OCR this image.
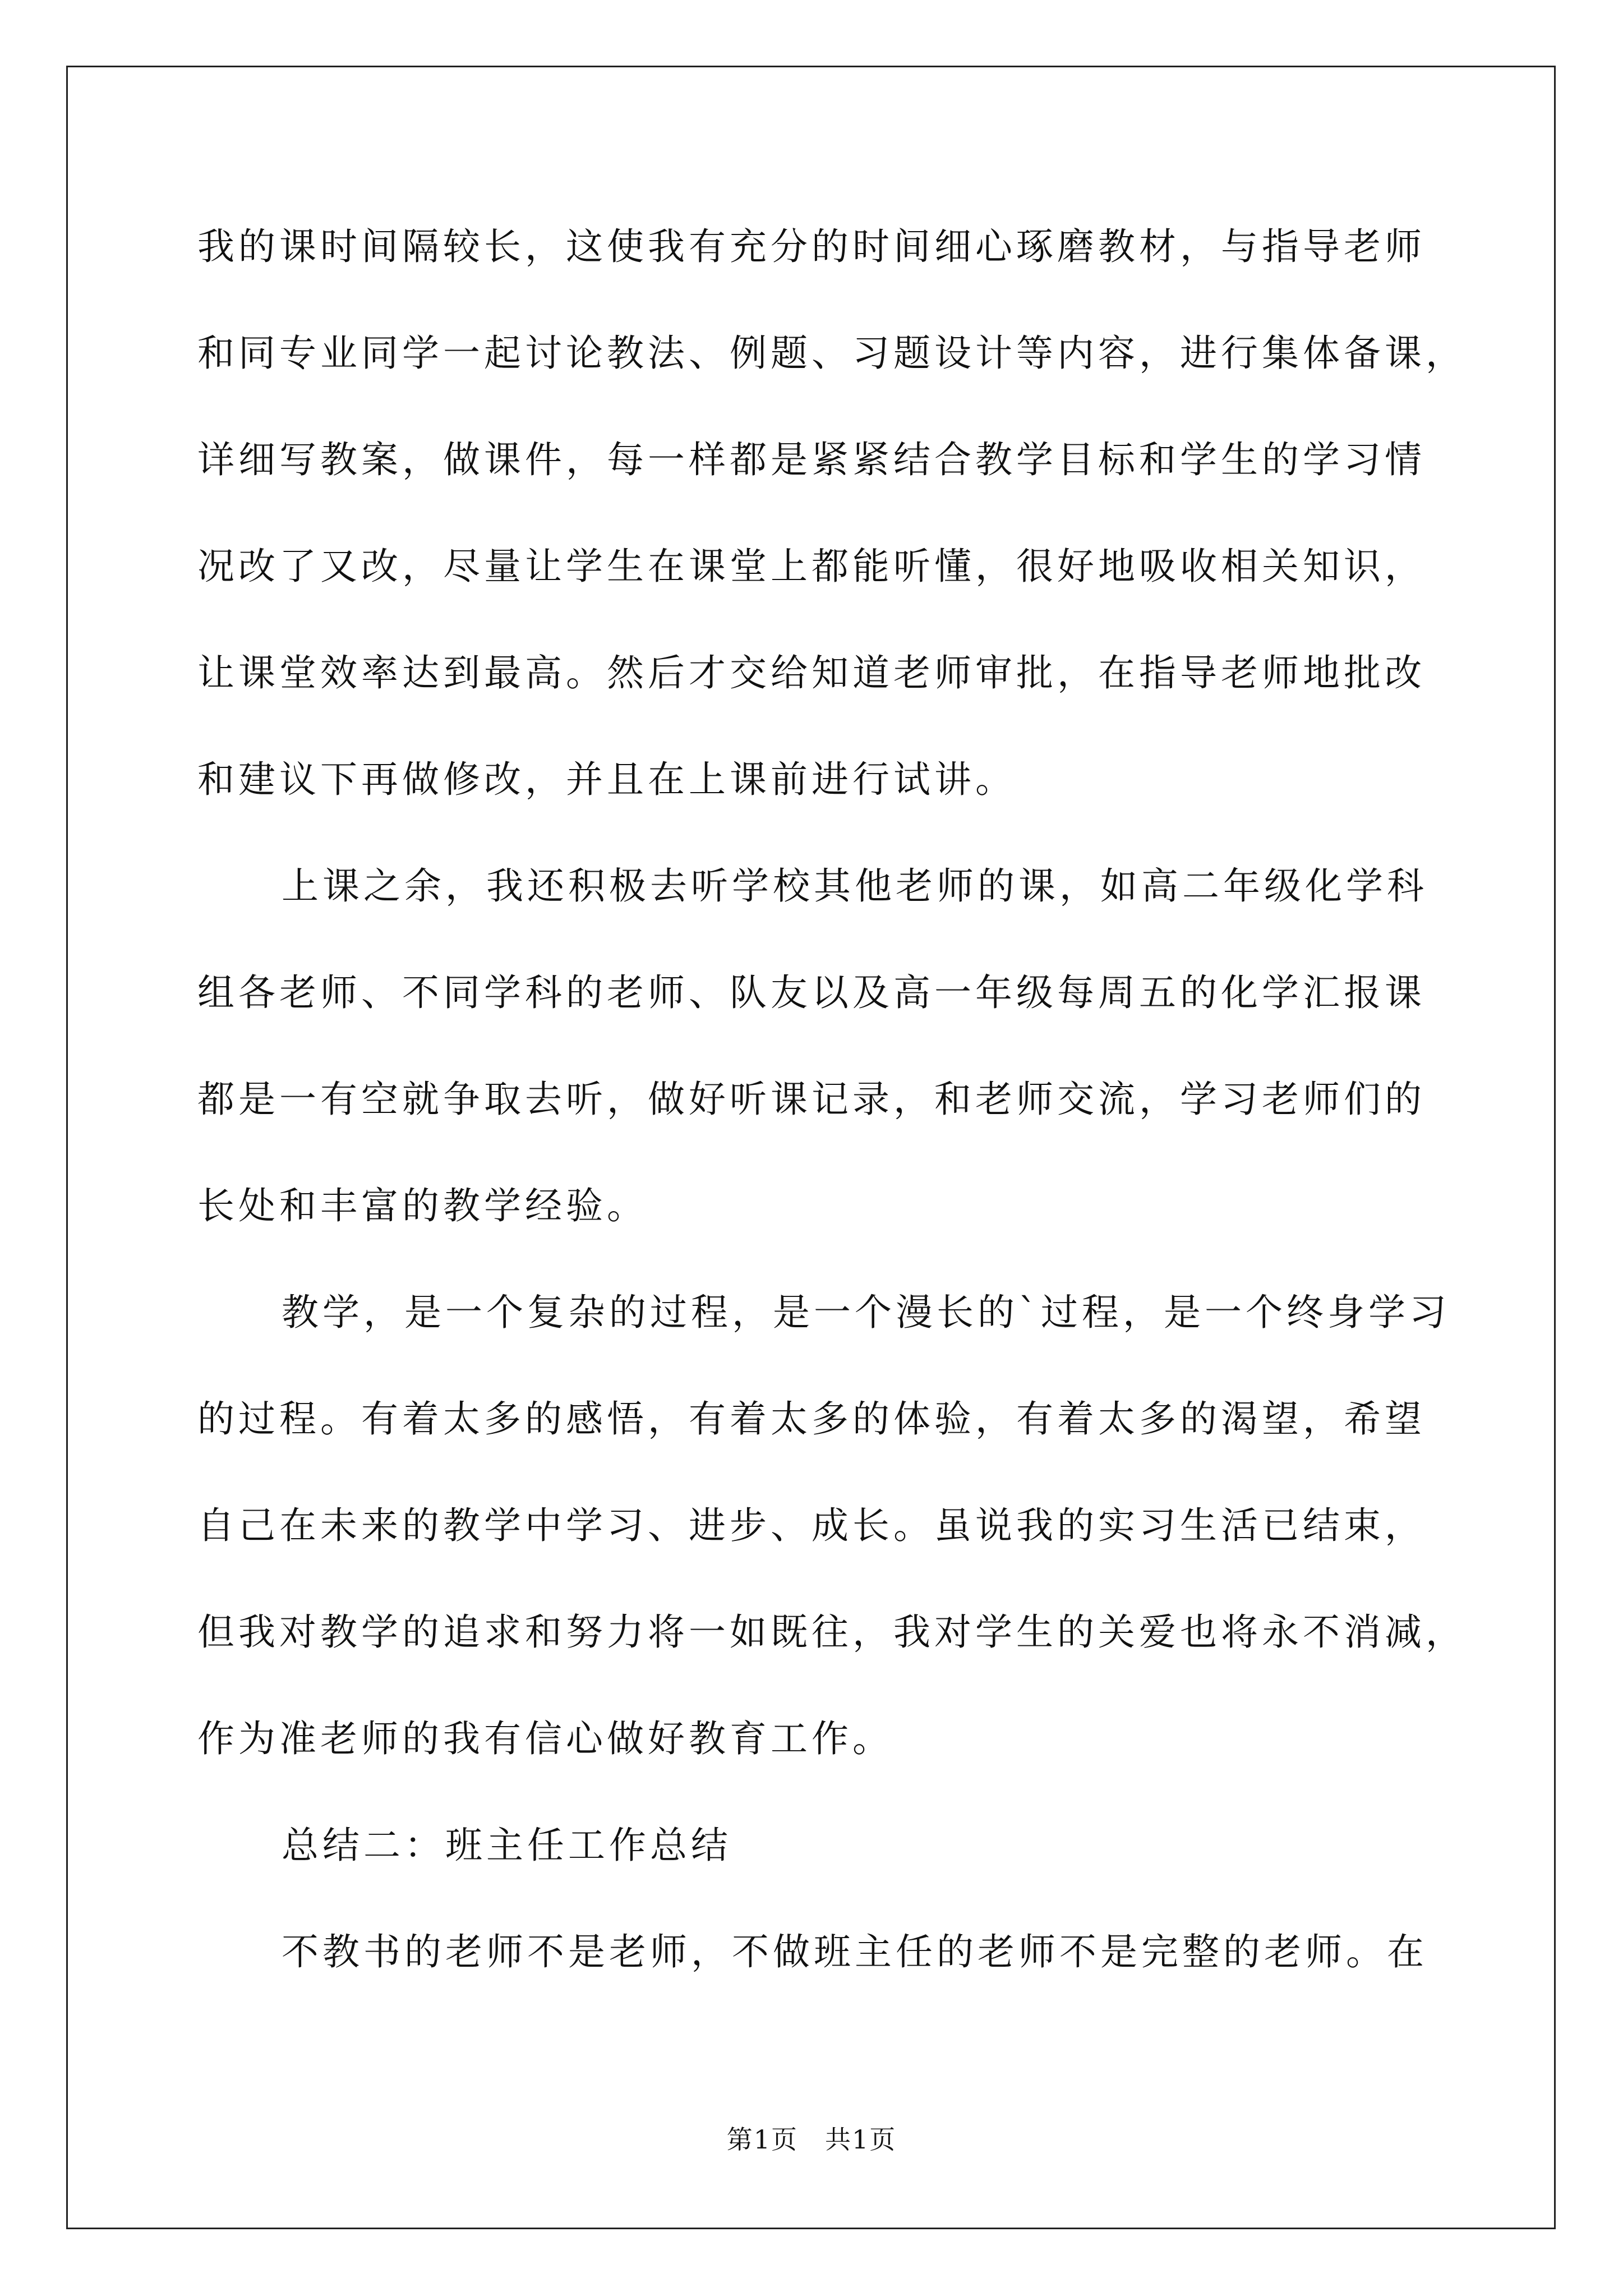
我的课时间隔较长，这使我有充分的时间细心琢磨教材，与指导老师
和同专业同学一起讨论教法、例题、习题设计等内容，进行集体备课，
详细写教案，做课件，每一样都是紧紧结合教学目标和学生的学习情
况改了又改，尽量让学生在课堂上都能听懂，很好地吸收相关知识，
让课堂效率达到最高。然后才交给知道老师审批，在指导老师地批改
和建议下再做修改，并且在上课前进行试讲。
上课之余，我还积极去听学校其他老师的课，如高二年级化学科
组各老师、不同学科的老师、队友以及高一年级每周五的化学汇报课
都是一有空就争取去听，做好听课记录，和老师交流，学习老师们的
长处和丰富的教学经验。
教学，是一个复杂的过程，是一个漫长的`过程，是一个终身学习
的过程。有着太多的感悟，有着太多的体验，有着太多的渴望，希望
自己在未来的教学中学习、进步、成长。虽说我的实习生活已结束，
但我对教学的追求和努力将一如既往，我对学生的关爱也将永不消减，
作为准老师的我有信心做好教育工作。
总结二：班主任工作总结
不教书的老师不是老师，不做班主任的老师不是完整的老师。在
第1页　共1页
